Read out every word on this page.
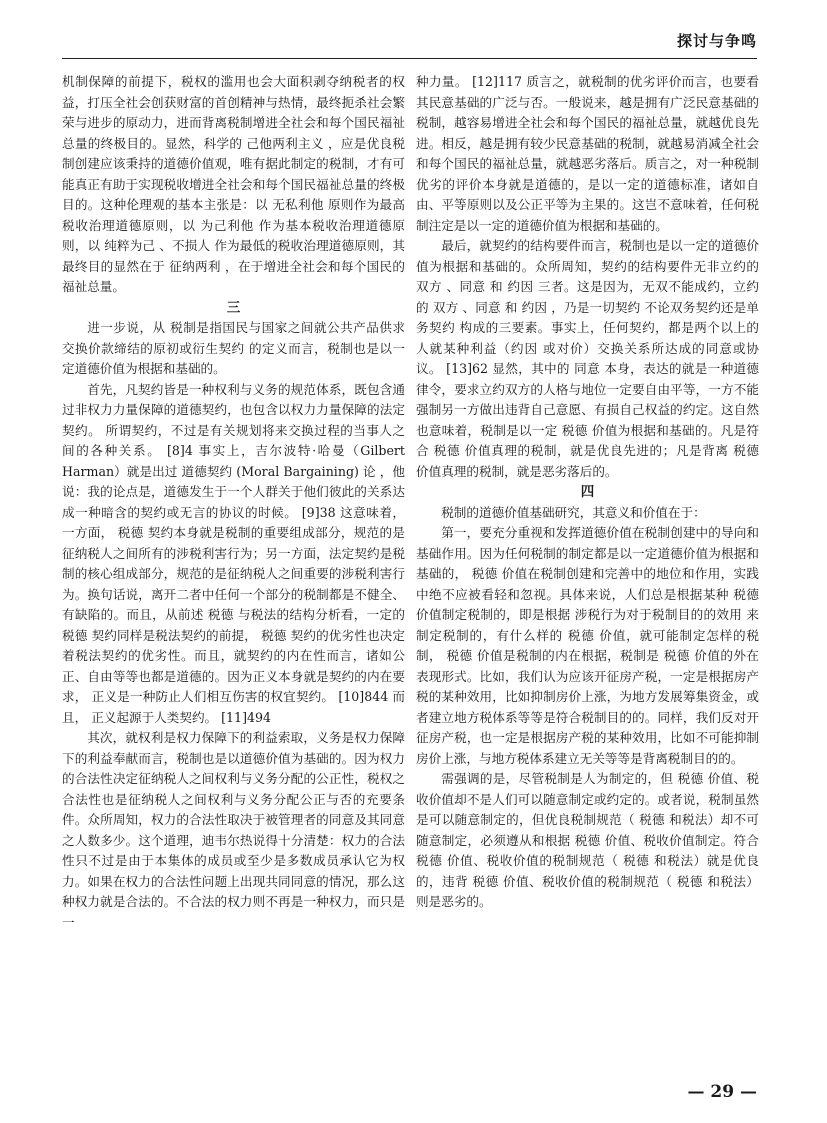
探讨与争鸣

机制保障的前提下，税权的滥用也会大面积剥夺纳税者的权益，打压全社会创获财富的首创精神与热情，最终扼杀社会繁荣与进步的原动力，进而背离税制增进全社会和每个国民福祉总量的终极目的。显然，科学的 己他两利主义 ，应是优良税制创建应该秉持的道德价值观，唯有据此制定的税制，才有可能真正有助于实现税收增进全社会和每个国民福祉总量的终极目的。这种伦理观的基本主张是：以 无私利他 原则作为最高税收治理道德原则，以 为己利他 作为基本税收治理道德原则，以 纯粹为己 、不损人 作为最低的税收治理道德原则，其最终目的显然在于 征纳两利 ，在于增进全社会和每个国民的福祉总量。

三

进一步说，从 税制是指国民与国家之间就公共产品供求交换价款缔结的原初或衍生契约 的定义而言，税制也是以一定道德价值为根据和基础的。

首先，凡契约皆是一种权利与义务的规范体系，既包含通过非权力力量保障的道德契约，也包含以权力力量保障的法定契约。 所谓契约，不过是有关规划将来交换过程的当事人之间的各种关系。 [8]4 事实上，吉尔波特·哈曼（Gilbert Harman）就是出过 道德契约 (Moral Bargaining) 论 ，他说：我的论点是，道德发生于一个人群关于他们彼此的关系达成一种暗含的契约或无言的协议的时候。 [9]38 这意味着，一方面， 税德 契约本身就是税制的重要组成部分，规范的是征纳税人之间所有的涉税利害行为；另一方面，法定契约是税制的核心组成部分，规范的是征纳税人之间重要的涉税利害行为。换句话说，离开二者中任何一个部分的税制都是不健全、有缺陷的。而且，从前述 税德 与税法的结构分析看，一定的 税德 契约同样是税法契约的前提， 税德 契约的优劣性也决定着税法契约的优劣性。而且，就契约的内在性而言，诸如公正、自由等等也都是道德的。因为正义本身就是契约的内在要求， 正义是一种防止人们相互伤害的权宜契约。 [10]844 而且， 正义起源于人类契约。 [11]494

其次，就权利是权力保障下的利益索取，义务是权力保障下的利益奉献而言，税制也是以道德价值为基础的。因为权力的合法性决定征纳税人之间权利与义务分配的公正性，税权之合法性也是征纳税人之间权利与义务分配公正与否的充要条件。众所周知，权力的合法性取决于被管理者的同意及其同意之人数多少。这个道理，迪韦尔热说得十分清楚：权力的合法性只不过是由于本集体的成员或至少是多数成员承认它为权力。如果在权力的合法性问题上出现共同同意的情况，那么这种权力就是合法的。不合法的权力则不再是一种权力，而只是一

种力量。 [12]117 质言之，就税制的优劣评价而言，也要看其民意基础的广泛与否。一般说来，越是拥有广泛民意基础的税制，越容易增进全社会和每个国民的福祉总量，就越优良先进。相反，越是拥有较少民意基础的税制，就越易消减全社会和每个国民的福祉总量，就越恶劣落后。质言之，对一种税制优劣的评价本身就是道德的，是以一定的道德标准，诸如自由、平等原则以及公正平等为主果的。这岂不意味着，任何税制注定是以一定的道德价值为根据和基础的。

最后，就契约的结构要件而言，税制也是以一定的道德价值为根据和基础的。众所周知，契约的结构要件无非立约的 双方 、同意 和 约因 三者。这是因为，无双不能成约，立约的 双方 、同意 和 约因 ，乃是一切契约 不论双务契约还是单务契约 构成的三要素。事实上，任何契约，都是两个以上的人就某种利益（约因 或对价）交换关系所达成的同意或协议。 [13]62 显然，其中的 同意 本身，表达的就是一种道德律令，要求立约双方的人格与地位一定要自由平等，一方不能强制另一方做出违背自己意愿、有损自己权益的约定。这自然也意味着，税制是以一定 税德 价值为根据和基础的。凡是符合 税德 价值真理的税制，就是优良先进的；凡是背离 税德 价值真理的税制，就是恶劣落后的。

四

税制的道德价值基础研究，其意义和价值在于：

第一，要充分重视和发挥道德价值在税制创建中的导向和基础作用。因为任何税制的制定都是以一定道德价值为根据和基础的， 税德 价值在税制创建和完善中的地位和作用，实践中绝不应被看轻和忽视。具体来说，人们总是根据某种 税德 价值制定税制的，即是根据 涉税行为对于税制目的的效用 来制定税制的，有什么样的 税德 价值，就可能制定怎样的税制， 税德 价值是税制的内在根据，税制是 税德 价值的外在表现形式。比如，我们认为应该开征房产税，一定是根据房产税的某种效用，比如抑制房价上涨，为地方发展筹集资金，或者建立地方税体系等等是符合税制目的的。同样，我们反对开征房产税，也一定是根据房产税的某种效用，比如不可能抑制房价上涨，与地方税体系建立无关等等是背离税制目的的。

需强调的是，尽管税制是人为制定的，但 税德 价值、税收价值却不是人们可以随意制定或约定的。或者说，税制虽然是可以随意制定的，但优良税制规范（ 税德 和税法）却不可随意制定，必须遵从和根据 税德 价值、税收价值制定。符合 税德 价值、税收价值的税制规范（ 税德 和税法）就是优良的，违背 税德 价值、税收价值的税制规范（ 税德 和税法）则是恶劣的。

— 29 —
